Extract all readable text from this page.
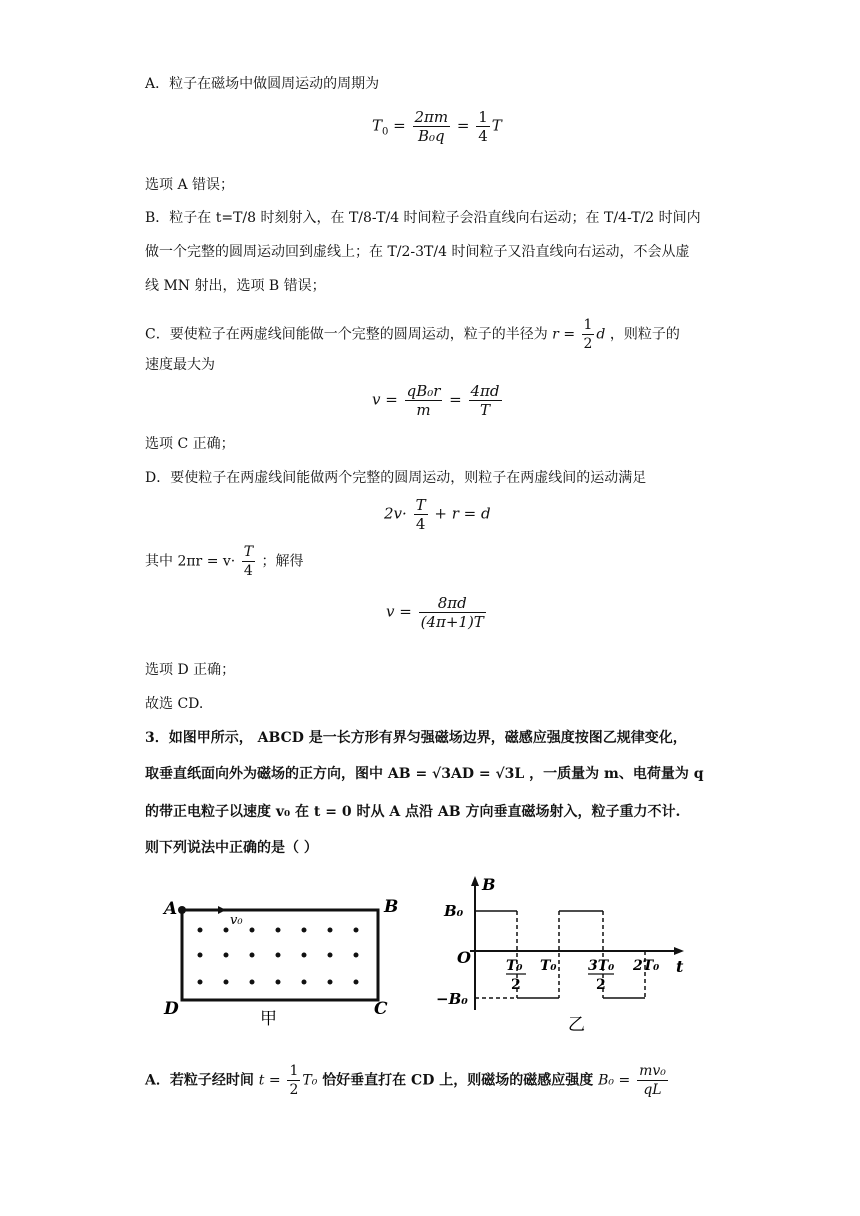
A．粒子在磁场中做圆周运动的周期为
$T_0 = \frac{2\pi m}{\text{B₀q}} = \frac{1}{4}$ T
选项 A 错误；
B．粒子在 t=T/8 时刻射入，在 T/8-T/4 时间粒子会沿直线向右运动；在 T/4-T/2 时间内
做一个完整的圆周运动回到虚线上；在 T/2-3T/4 时间粒子又沿直线向右运动，不会从虚
线 MN 射出，选项 B 错误；
C．要使粒子在两虚线间能做一个完整的圆周运动，粒子的半径为 $r = \frac{1}{2}$ d ，则粒子的
速度最大为
$v = \frac{\text{qB₀r}}{m} = \frac{4\pi d}{T}$
选项 C 正确；
D．要使粒子在两虚线间能做两个完整的圆周运动，则粒子在两虚线间的运动满足
$2v\cdot \frac{T}{4} + r = d$
其中 $2\pi r = v\cdot \frac{T}{4}$ ；解得
$v = \frac{8\pi d}{(4\pi+1)T}$
选项 D 正确；
故选 CD.
3．如图甲所示， ABCD 是一长方形有界匀强磁场边界，磁感应强度按图乙规律变化，
取垂直纸面向外为磁场的正方向，图中 AB = √3AD = √3L ，一质量为 m、电荷量为 q
的带正电粒子以速度 v₀ 在 t = 0 时从 A 点沿 AB 方向垂直磁场射入，粒子重力不计.
则下列说法中正确的是（ ）
A	B
D	C
v₀
甲
B
t
O
B₀
−B₀
T₀
2
T₀ 3T₀
2
2T₀
乙
A．若粒子经时间 $t = \frac{1}{2} T_0$ 恰好垂直打在 CD 上，则磁场的磁感应强度 $B_0 = \frac{\text{mv₀}}{qL}$
